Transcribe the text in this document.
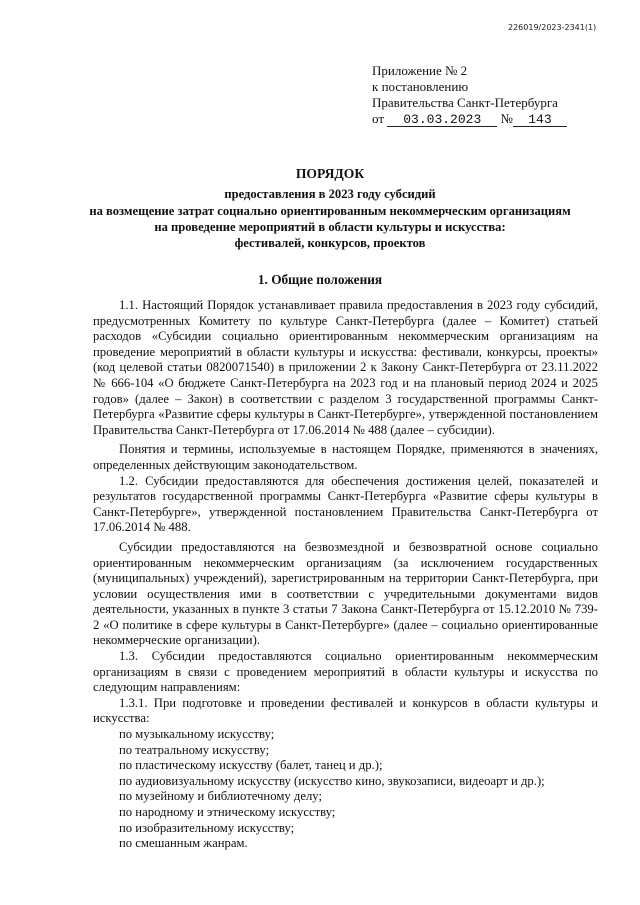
226019/2023-2341(1)
Приложение № 2
к постановлению
Правительства Санкт-Петербурга
от 03.03.2023 № 143
ПОРЯДОК
предоставления в 2023 году субсидий
на возмещение затрат социально ориентированным некоммерческим организациям
на проведение мероприятий в области культуры и искусства:
фестивалей, конкурсов, проектов
1. Общие положения

1.1. Настоящий Порядок устанавливает правила предоставления в 2023 году субсидий, предусмотренных Комитету по культуре Санкт-Петербурга (далее – Комитет) статьей расходов «Субсидии социально ориентированным некоммерческим организациям на проведение мероприятий в области культуры и искусства: фестивали, конкурсы, проекты» (код целевой статьи 0820071540) в приложении 2 к Закону Санкт-Петербурга от 23.11.2022 № 666-104 «О бюджете Санкт-Петербурга на 2023 год и на плановый период 2024 и 2025 годов» (далее – Закон) в соответствии с разделом 3 государственной программы Санкт-Петербурга «Развитие сферы культуры в Санкт-Петербурге», утвержденной постановлением Правительства Санкт-Петербурга от 17.06.2014 № 488 (далее – субсидии).

Понятия и термины, используемые в настоящем Порядке, применяются в значениях, определенных действующим законодательством.

1.2. Субсидии предоставляются для обеспечения достижения целей, показателей и результатов государственной программы Санкт-Петербурга «Развитие сферы культуры в Санкт-Петербурге», утвержденной постановлением Правительства Санкт-Петербурга от 17.06.2014 № 488.

Субсидии предоставляются на безвозмездной и безвозвратной основе социально ориентированным некоммерческим организациям (за исключением государственных (муниципальных) учреждений), зарегистрированным на территории Санкт-Петербурга, при условии осуществления ими в соответствии с учредительными документами видов деятельности, указанных в пункте 3 статьи 7 Закона Санкт-Петербурга от 15.12.2010 № 739-2 «О политике в сфере культуры в Санкт-Петербурге» (далее – социально ориентированные некоммерческие организации).

1.3. Субсидии предоставляются социально ориентированным некоммерческим организациям в связи с проведением мероприятий в области культуры и искусства по следующим направлениям:

1.3.1. При подготовке и проведении фестивалей и конкурсов в области культуры и искусства:

по музыкальному искусству;

по театральному искусству;

по пластическому искусству (балет, танец и др.);

по аудиовизуальному искусству (искусство кино, звукозаписи, видеоарт и др.);

по музейному и библиотечному делу;

по народному и этническому искусству;

по изобразительному искусству;

по смешанным жанрам.
